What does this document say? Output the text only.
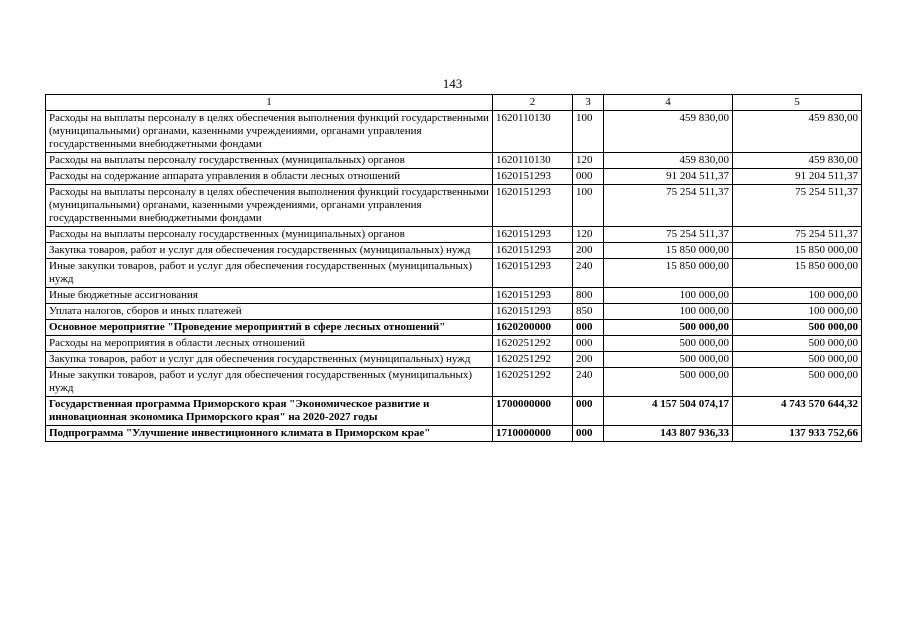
143
1	2	3	4	5
Расходы на выплаты персоналу в целях обеспечения выполнения функций государственными (муниципальными) органами, казенными учреждениями, органами управления государственными внебюджетными фондами	1620110130	100	459 830,00	459 830,00
Расходы на выплаты персоналу государственных (муниципальных) органов	1620110130	120	459 830,00	459 830,00
Расходы на содержание аппарата управления в области лесных отношений	1620151293	000	91 204 511,37	91 204 511,37
Расходы на выплаты персоналу в целях обеспечения выполнения функций государственными (муниципальными) органами, казенными учреждениями, органами управления государственными внебюджетными фондами	1620151293	100	75 254 511,37	75 254 511,37
Расходы на выплаты персоналу государственных (муниципальных) органов	1620151293	120	75 254 511,37	75 254 511,37
Закупка товаров, работ и услуг для обеспечения государственных (муниципальных) нужд	1620151293	200	15 850 000,00	15 850 000,00
Иные закупки товаров, работ и услуг для обеспечения государственных (муниципальных) нужд	1620151293	240	15 850 000,00	15 850 000,00
Иные бюджетные ассигнования	1620151293	800	100 000,00	100 000,00
Уплата налогов, сборов и иных платежей	1620151293	850	100 000,00	100 000,00
Основное мероприятие "Проведение мероприятий в сфере лесных отношений"	1620200000	000	500 000,00	500 000,00
Расходы на мероприятия в области лесных отношений	1620251292	000	500 000,00	500 000,00
Закупка товаров, работ и услуг для обеспечения государственных (муниципальных) нужд	1620251292	200	500 000,00	500 000,00
Иные закупки товаров, работ и услуг для обеспечения государственных (муниципальных) нужд	1620251292	240	500 000,00	500 000,00
Государственная программа Приморского края "Экономическое развитие и инновационная экономика Приморского края" на 2020-2027 годы	1700000000	000	4 157 504 074,17	4 743 570 644,32
Подпрограмма "Улучшение инвестиционного климата в Приморском крае"	1710000000	000	143 807 936,33	137 933 752,66
